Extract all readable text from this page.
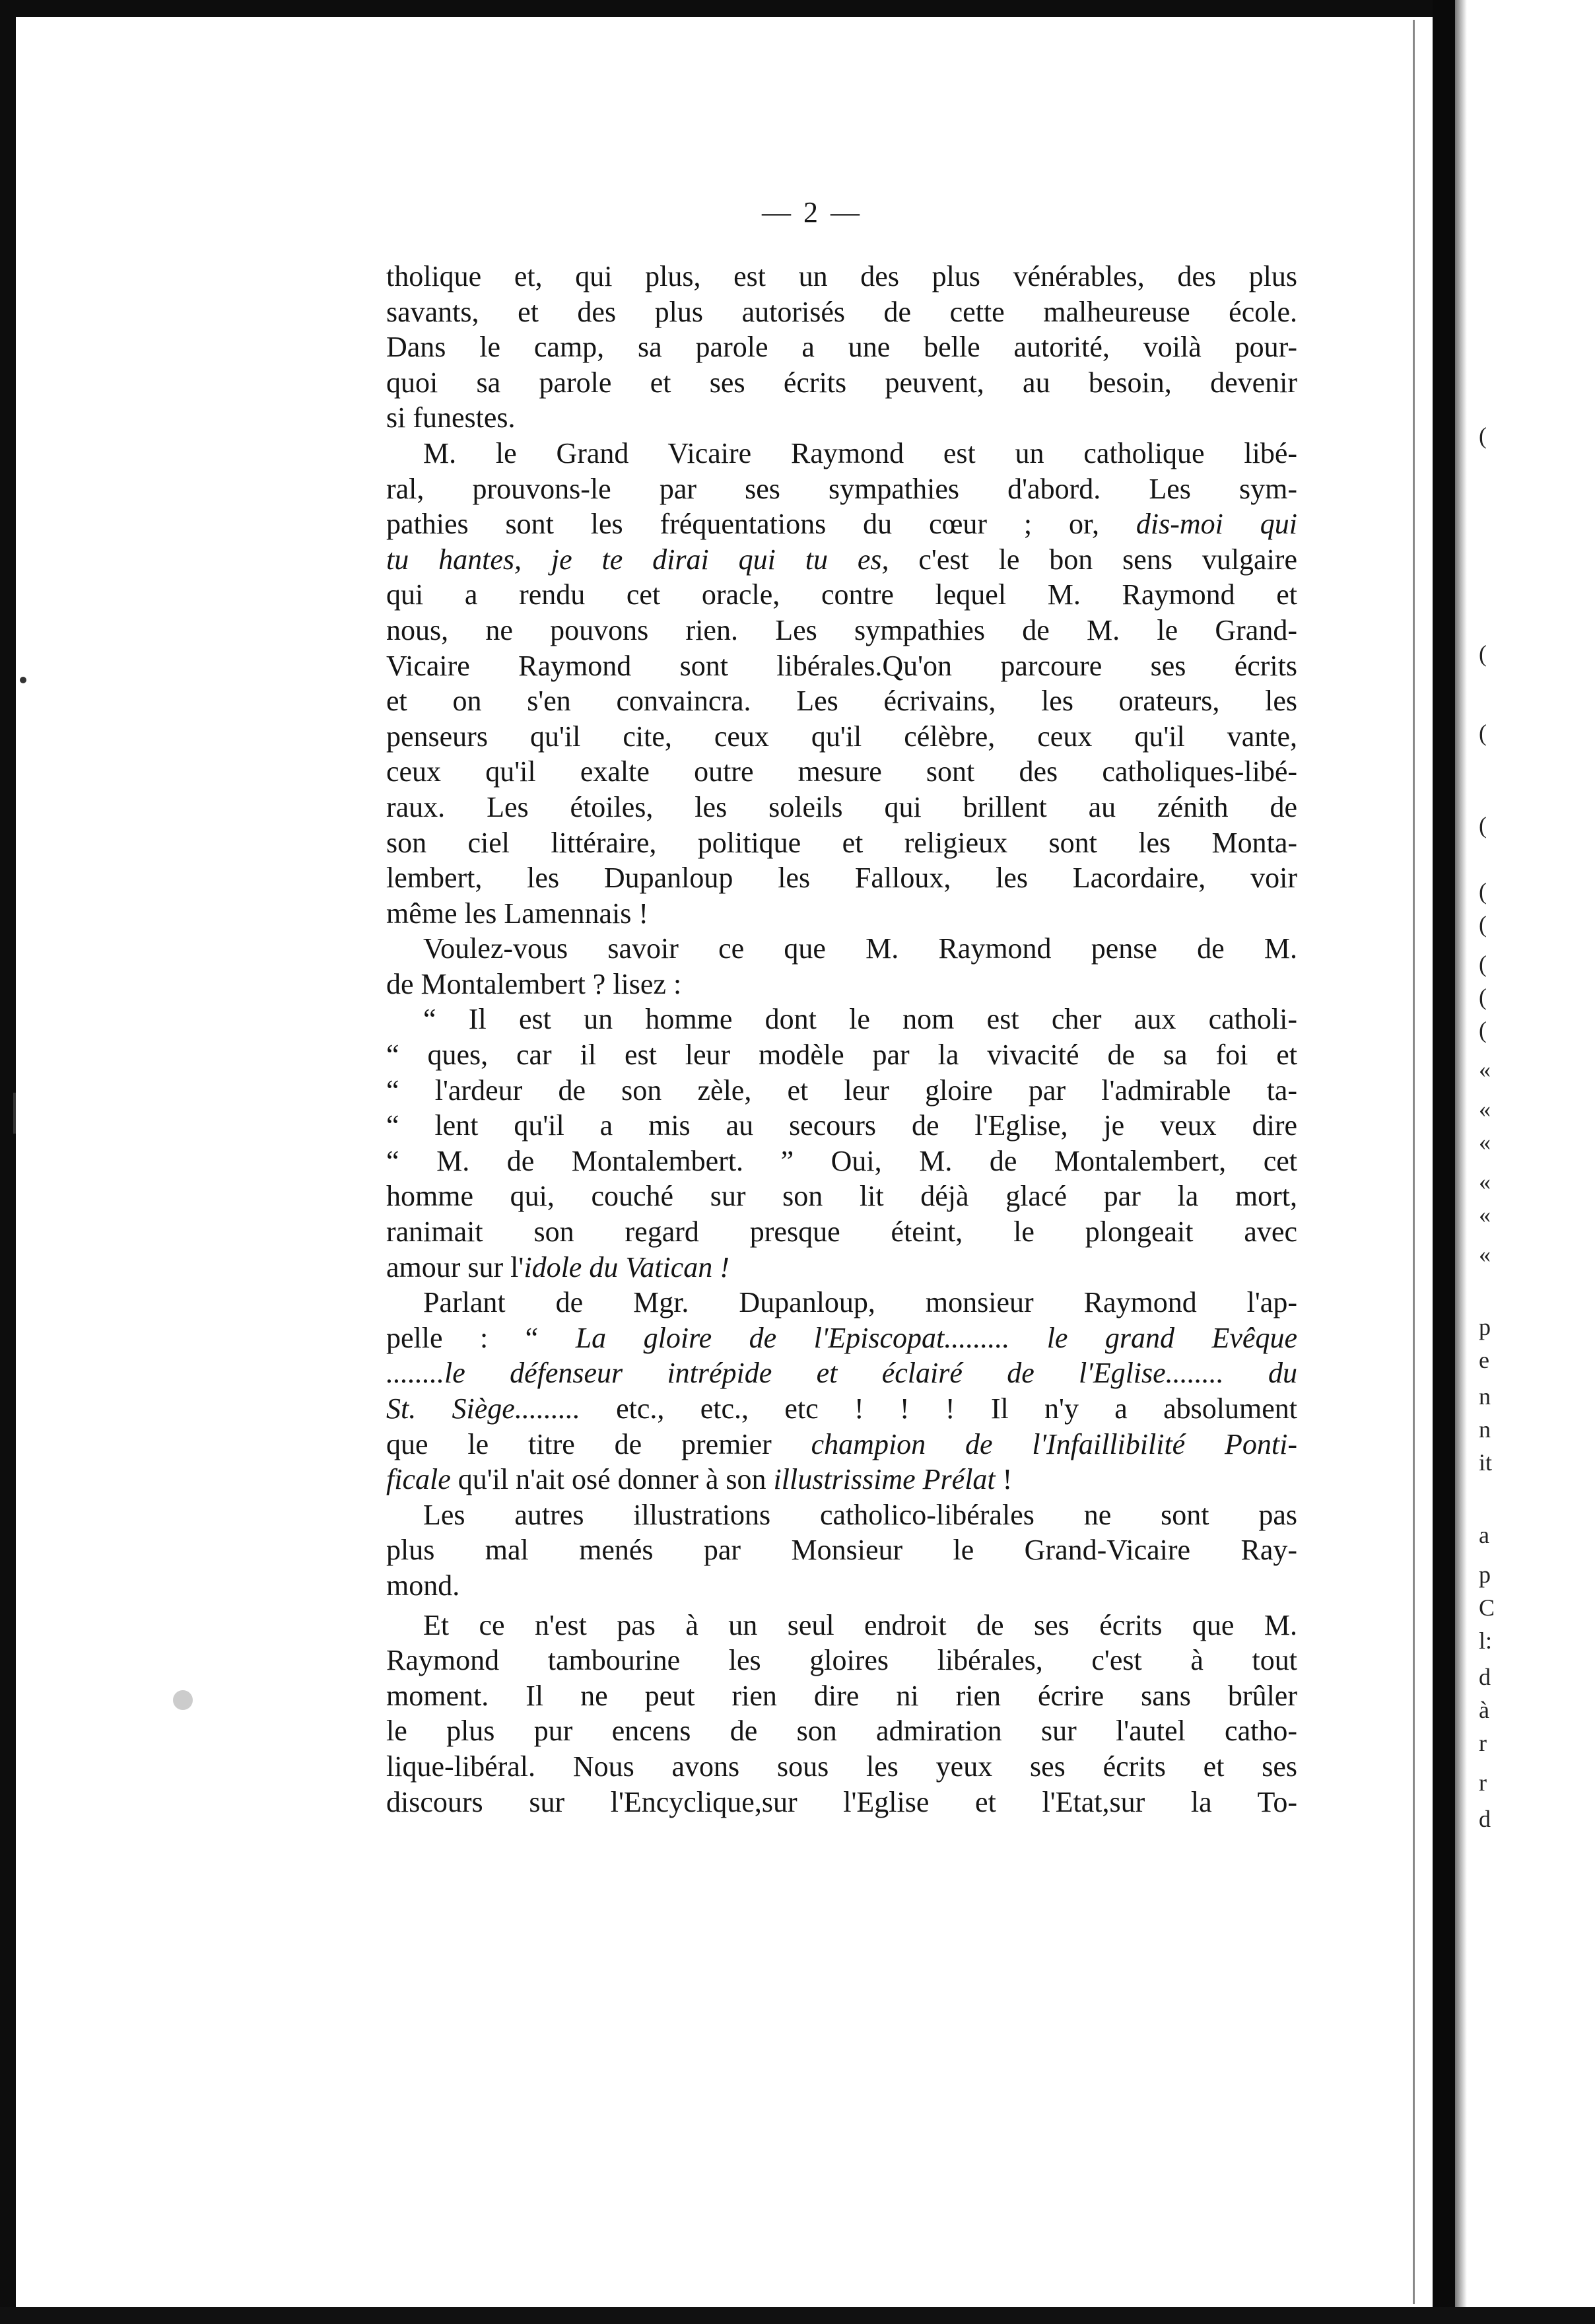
(
(
(
(
(
(
(
(
(
«
«
«
«
«
«
p
e
n
n
it
a
p
C
l:
d
à
r
r
d
— 2 —
tholique et, qui plus, est un des plus vénérables, des plus
savants, et des plus autorisés de cette malheureuse école.
Dans le camp, sa parole a une belle autorité, voilà pour-
quoi sa parole et ses écrits peuvent, au besoin, devenir
si funestes.
M. le Grand Vicaire Raymond est un catholique libé-
ral, prouvons-le par ses sympathies d'abord. Les sym-
pathies sont les fréquentations du cœur ; or, dis-moi qui
tu hantes, je te dirai qui tu es, c'est le bon sens vulgaire
qui a rendu cet oracle, contre lequel M. Raymond et
nous, ne pouvons rien. Les sympathies de M. le Grand-
Vicaire Raymond sont libérales.Qu'on parcoure ses écrits
et on s'en convaincra. Les écrivains, les orateurs, les
penseurs qu'il cite, ceux qu'il célèbre, ceux qu'il vante,
ceux qu'il exalte outre mesure sont des catholiques-libé-
raux. Les étoiles, les soleils qui brillent au zénith de
son ciel littéraire, politique et religieux sont les Monta-
lembert, les Dupanloup les Falloux, les Lacordaire, voir
même les Lamennais !
Voulez-vous savoir ce que M. Raymond pense de M.
de Montalembert ? lisez :
“ Il est un homme dont le nom est cher aux catholi-
“ ques, car il est leur modèle par la vivacité de sa foi et
“ l'ardeur de son zèle, et leur gloire par l'admirable ta-
“ lent qu'il a mis au secours de l'Eglise, je veux dire
“ M. de Montalembert. ” Oui, M. de Montalembert, cet
homme qui, couché sur son lit déjà glacé par la mort,
ranimait son regard presque éteint, le plongeait avec
amour sur l'idole du Vatican !
Parlant de Mgr. Dupanloup, monsieur Raymond l'ap-
pelle : “ La gloire de l'Episcopat......... le grand Evêque
........le défenseur intrépide et éclairé de l'Eglise........ du
St. Siège......... etc., etc., etc ! ! ! Il n'y a absolument
que le titre de premier champion de l'Infaillibilité Ponti-
ficale qu'il n'ait osé donner à son illustrissime Prélat !
Les autres illustrations catholico-libérales ne sont pas
plus mal menés par Monsieur le Grand-Vicaire Ray-
mond.
Et ce n'est pas à un seul endroit de ses écrits que M.
Raymond tambourine les gloires libérales, c'est à tout
moment. Il ne peut rien dire ni rien écrire sans brûler
le plus pur encens de son admiration sur l'autel catho-
lique-libéral. Nous avons sous les yeux ses écrits et ses
discours sur l'Encyclique,sur l'Eglise et l'Etat,sur la To-
